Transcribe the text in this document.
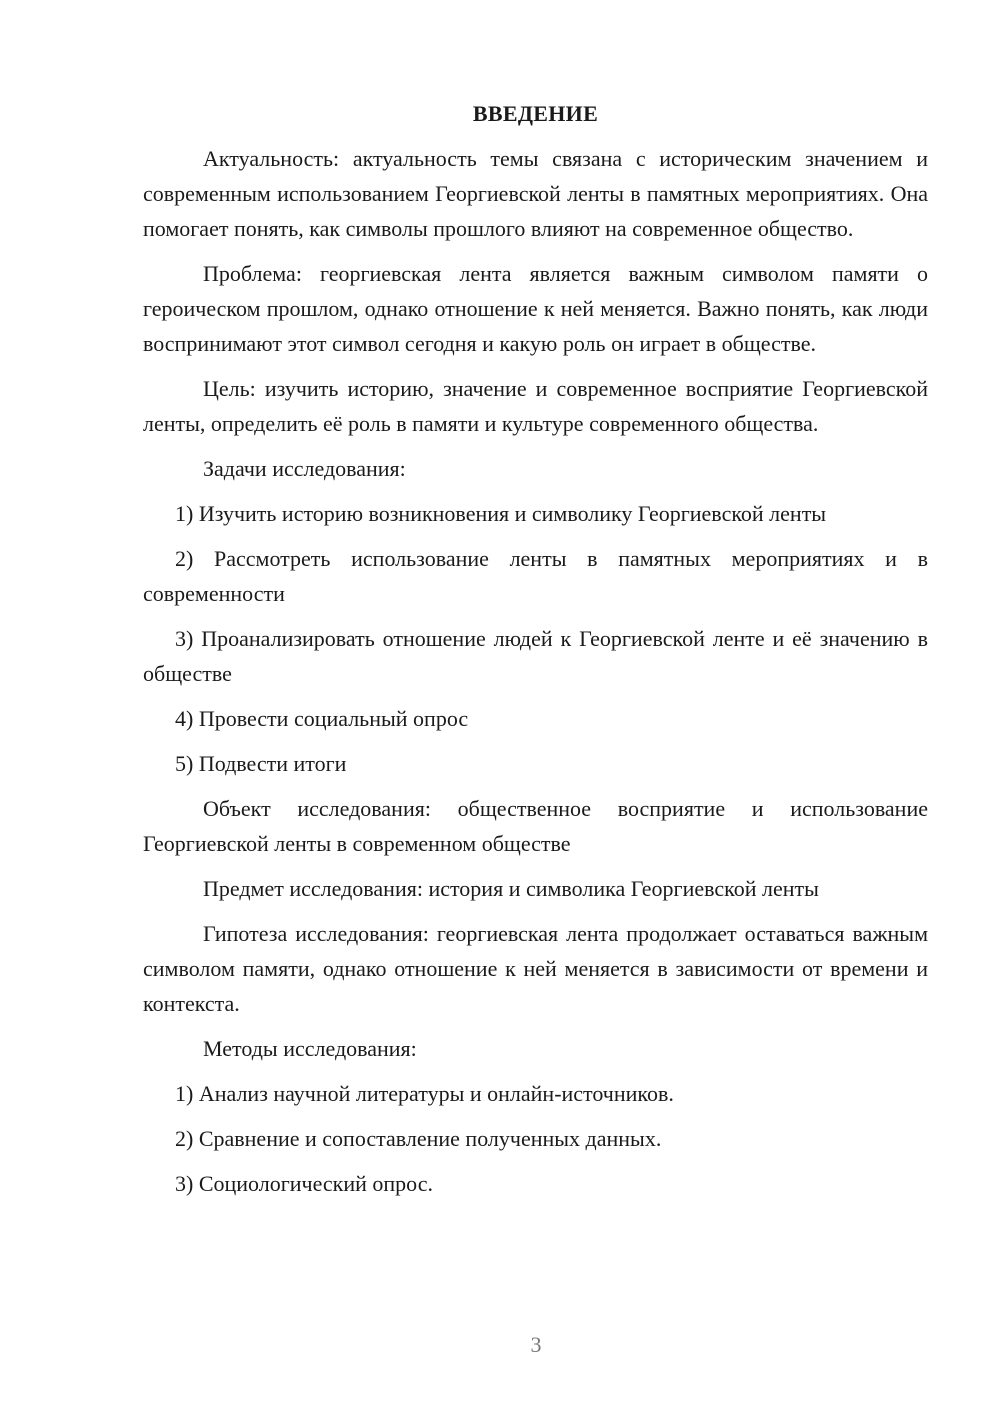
ВВЕДЕНИЕ

Актуальность: актуальность темы связана с историческим значением и современным использованием Георгиевской ленты в памятных мероприятиях. Она помогает понять, как символы прошлого влияют на современное общество.

Проблема: георгиевская лента является важным символом памяти о героическом прошлом, однако отношение к ней меняется. Важно понять, как люди воспринимают этот символ сегодня и какую роль он играет в обществе.

Цель: изучить историю, значение и современное восприятие Георгиевской ленты, определить её роль в памяти и культуре современного общества.

Задачи исследования:

1) Изучить историю возникновения и символику Георгиевской ленты

2) Рассмотреть использование ленты в памятных мероприятиях и в современности

3) Проанализировать отношение людей к Георгиевской ленте и её значению в обществе

4) Провести социальный опрос

5) Подвести итоги

Объект исследования: общественное восприятие и использование Георгиевской ленты в современном обществе

Предмет исследования: история и символика Георгиевской ленты

Гипотеза исследования: георгиевская лента продолжает оставаться важным символом памяти, однако отношение к ней меняется в зависимости от времени и контекста.

Методы исследования:

1) Анализ научной литературы и онлайн-источников.

2) Сравнение и сопоставление полученных данных.

3) Социологический опрос.

3
